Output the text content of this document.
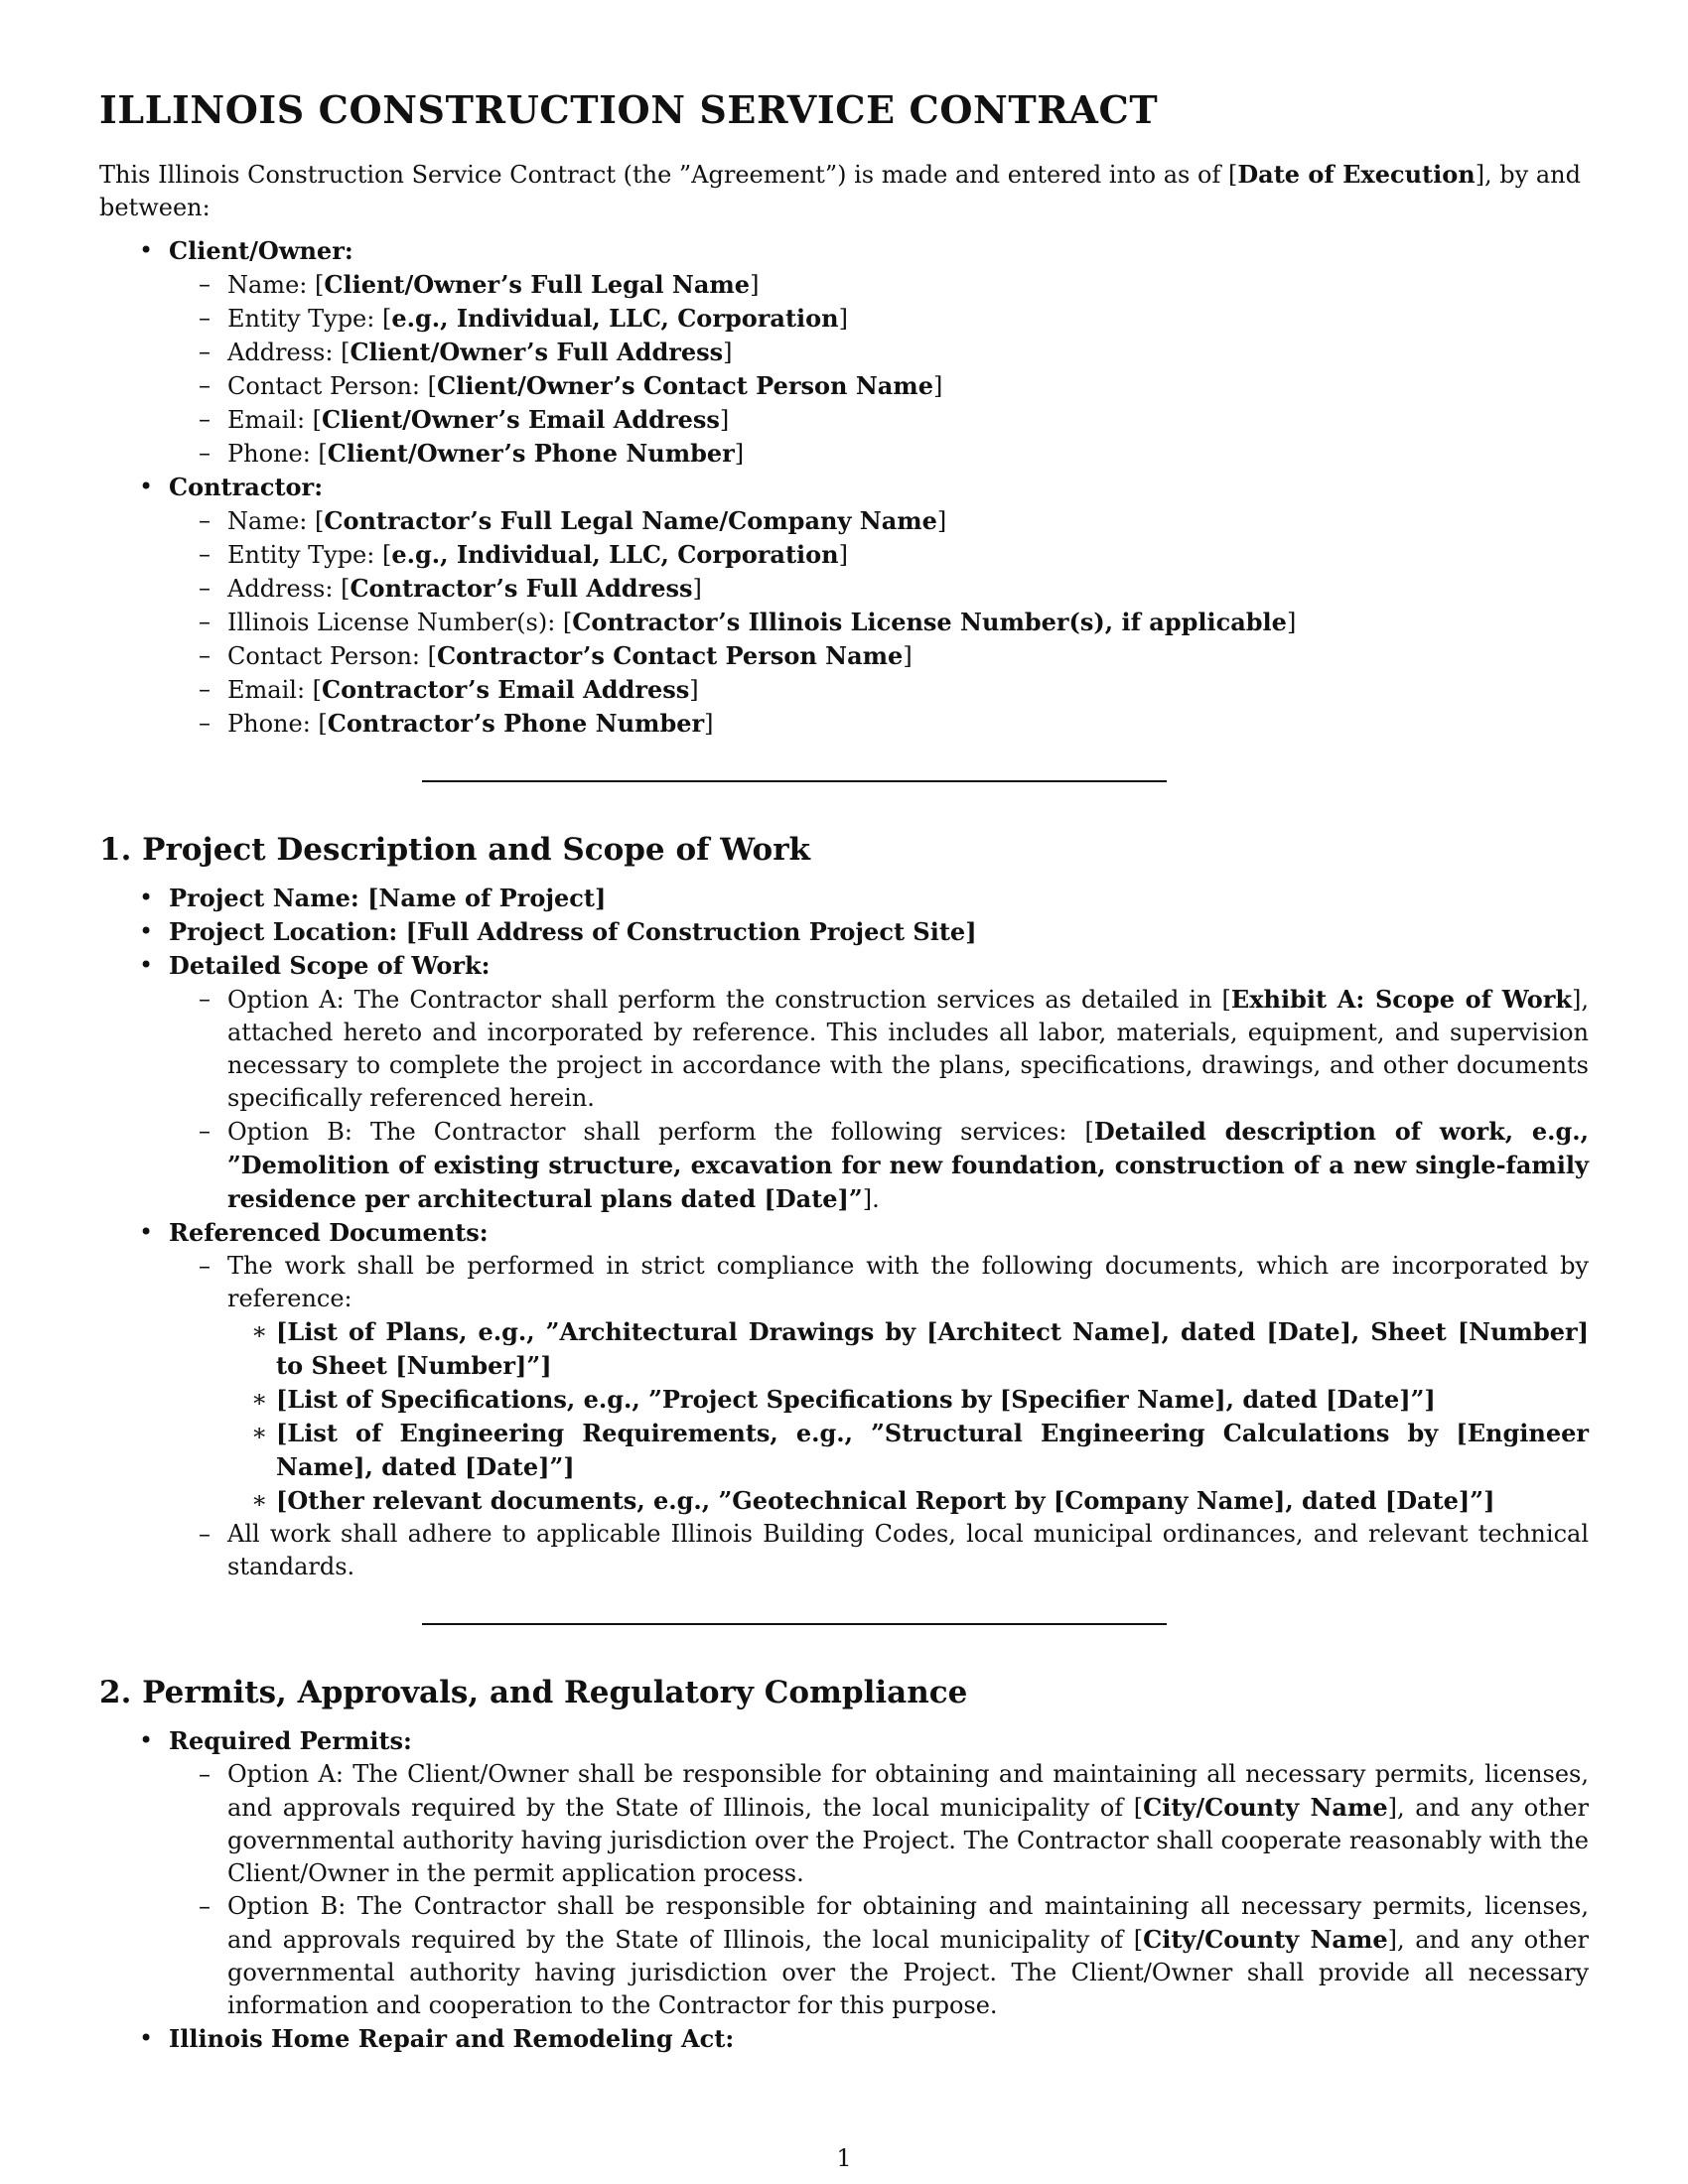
ILLINOIS CONSTRUCTION SERVICE CONTRACT

This Illinois Construction Service Contract (the ”Agreement”) is made and entered into as of [Date of Execution], by and between:

• Client/Owner:
– Name: [Client/Owner’s Full Legal Name]
– Entity Type: [e.g., Individual, LLC, Corporation]
– Address: [Client/Owner’s Full Address]
– Contact Person: [Client/Owner’s Contact Person Name]
– Email: [Client/Owner’s Email Address]
– Phone: [Client/Owner’s Phone Number]
• Contractor:
– Name: [Contractor’s Full Legal Name/Company Name]
– Entity Type: [e.g., Individual, LLC, Corporation]
– Address: [Contractor’s Full Address]
– Illinois License Number(s): [Contractor’s Illinois License Number(s), if applicable]
– Contact Person: [Contractor’s Contact Person Name]
– Email: [Contractor’s Email Address]
– Phone: [Contractor’s Phone Number]
1. Project Description and Scope of Work
• Project Name: [Name of Project]
• Project Location: [Full Address of Construction Project Site]
• Detailed Scope of Work:
– Option A: The Contractor shall perform the construction services as detailed in [Exhibit A: Scope of Work], attached hereto and incorporated by reference. This includes all labor, materials, equipment, and supervision necessary to complete the project in accordance with the plans, specifications, drawings, and other documents specifically referenced herein.
– Option B: The Contractor shall perform the following services: [Detailed description of work, e.g., ”Demolition of existing structure, excavation for new foundation, construction of a new single-family residence per architectural plans dated [Date]”].
• Referenced Documents:
– The work shall be performed in strict compliance with the following documents, which are incorporated by reference:
∗ [List of Plans, e.g., ”Architectural Drawings by [Architect Name], dated [Date], Sheet [Number] to Sheet [Number]”]
∗ [List of Specifications, e.g., ”Project Specifications by [Specifier Name], dated [Date]”]
∗ [List of Engineering Requirements, e.g., ”Structural Engineering Calculations by [Engineer Name], dated [Date]”]
∗ [Other relevant documents, e.g., ”Geotechnical Report by [Company Name], dated [Date]”]
– All work shall adhere to applicable Illinois Building Codes, local municipal ordinances, and relevant technical standards.
2. Permits, Approvals, and Regulatory Compliance
• Required Permits:
– Option A: The Client/Owner shall be responsible for obtaining and maintaining all necessary permits, licenses, and approvals required by the State of Illinois, the local municipality of [City/County Name], and any other governmental authority having jurisdiction over the Project. The Contractor shall cooperate reasonably with the Client/Owner in the permit application process.
– Option B: The Contractor shall be responsible for obtaining and maintaining all necessary permits, licenses, and approvals required by the State of Illinois, the local municipality of [City/County Name], and any other governmental authority having jurisdiction over the Project. The Client/Owner shall provide all necessary information and cooperation to the Contractor for this purpose.
• Illinois Home Repair and Remodeling Act:
1
